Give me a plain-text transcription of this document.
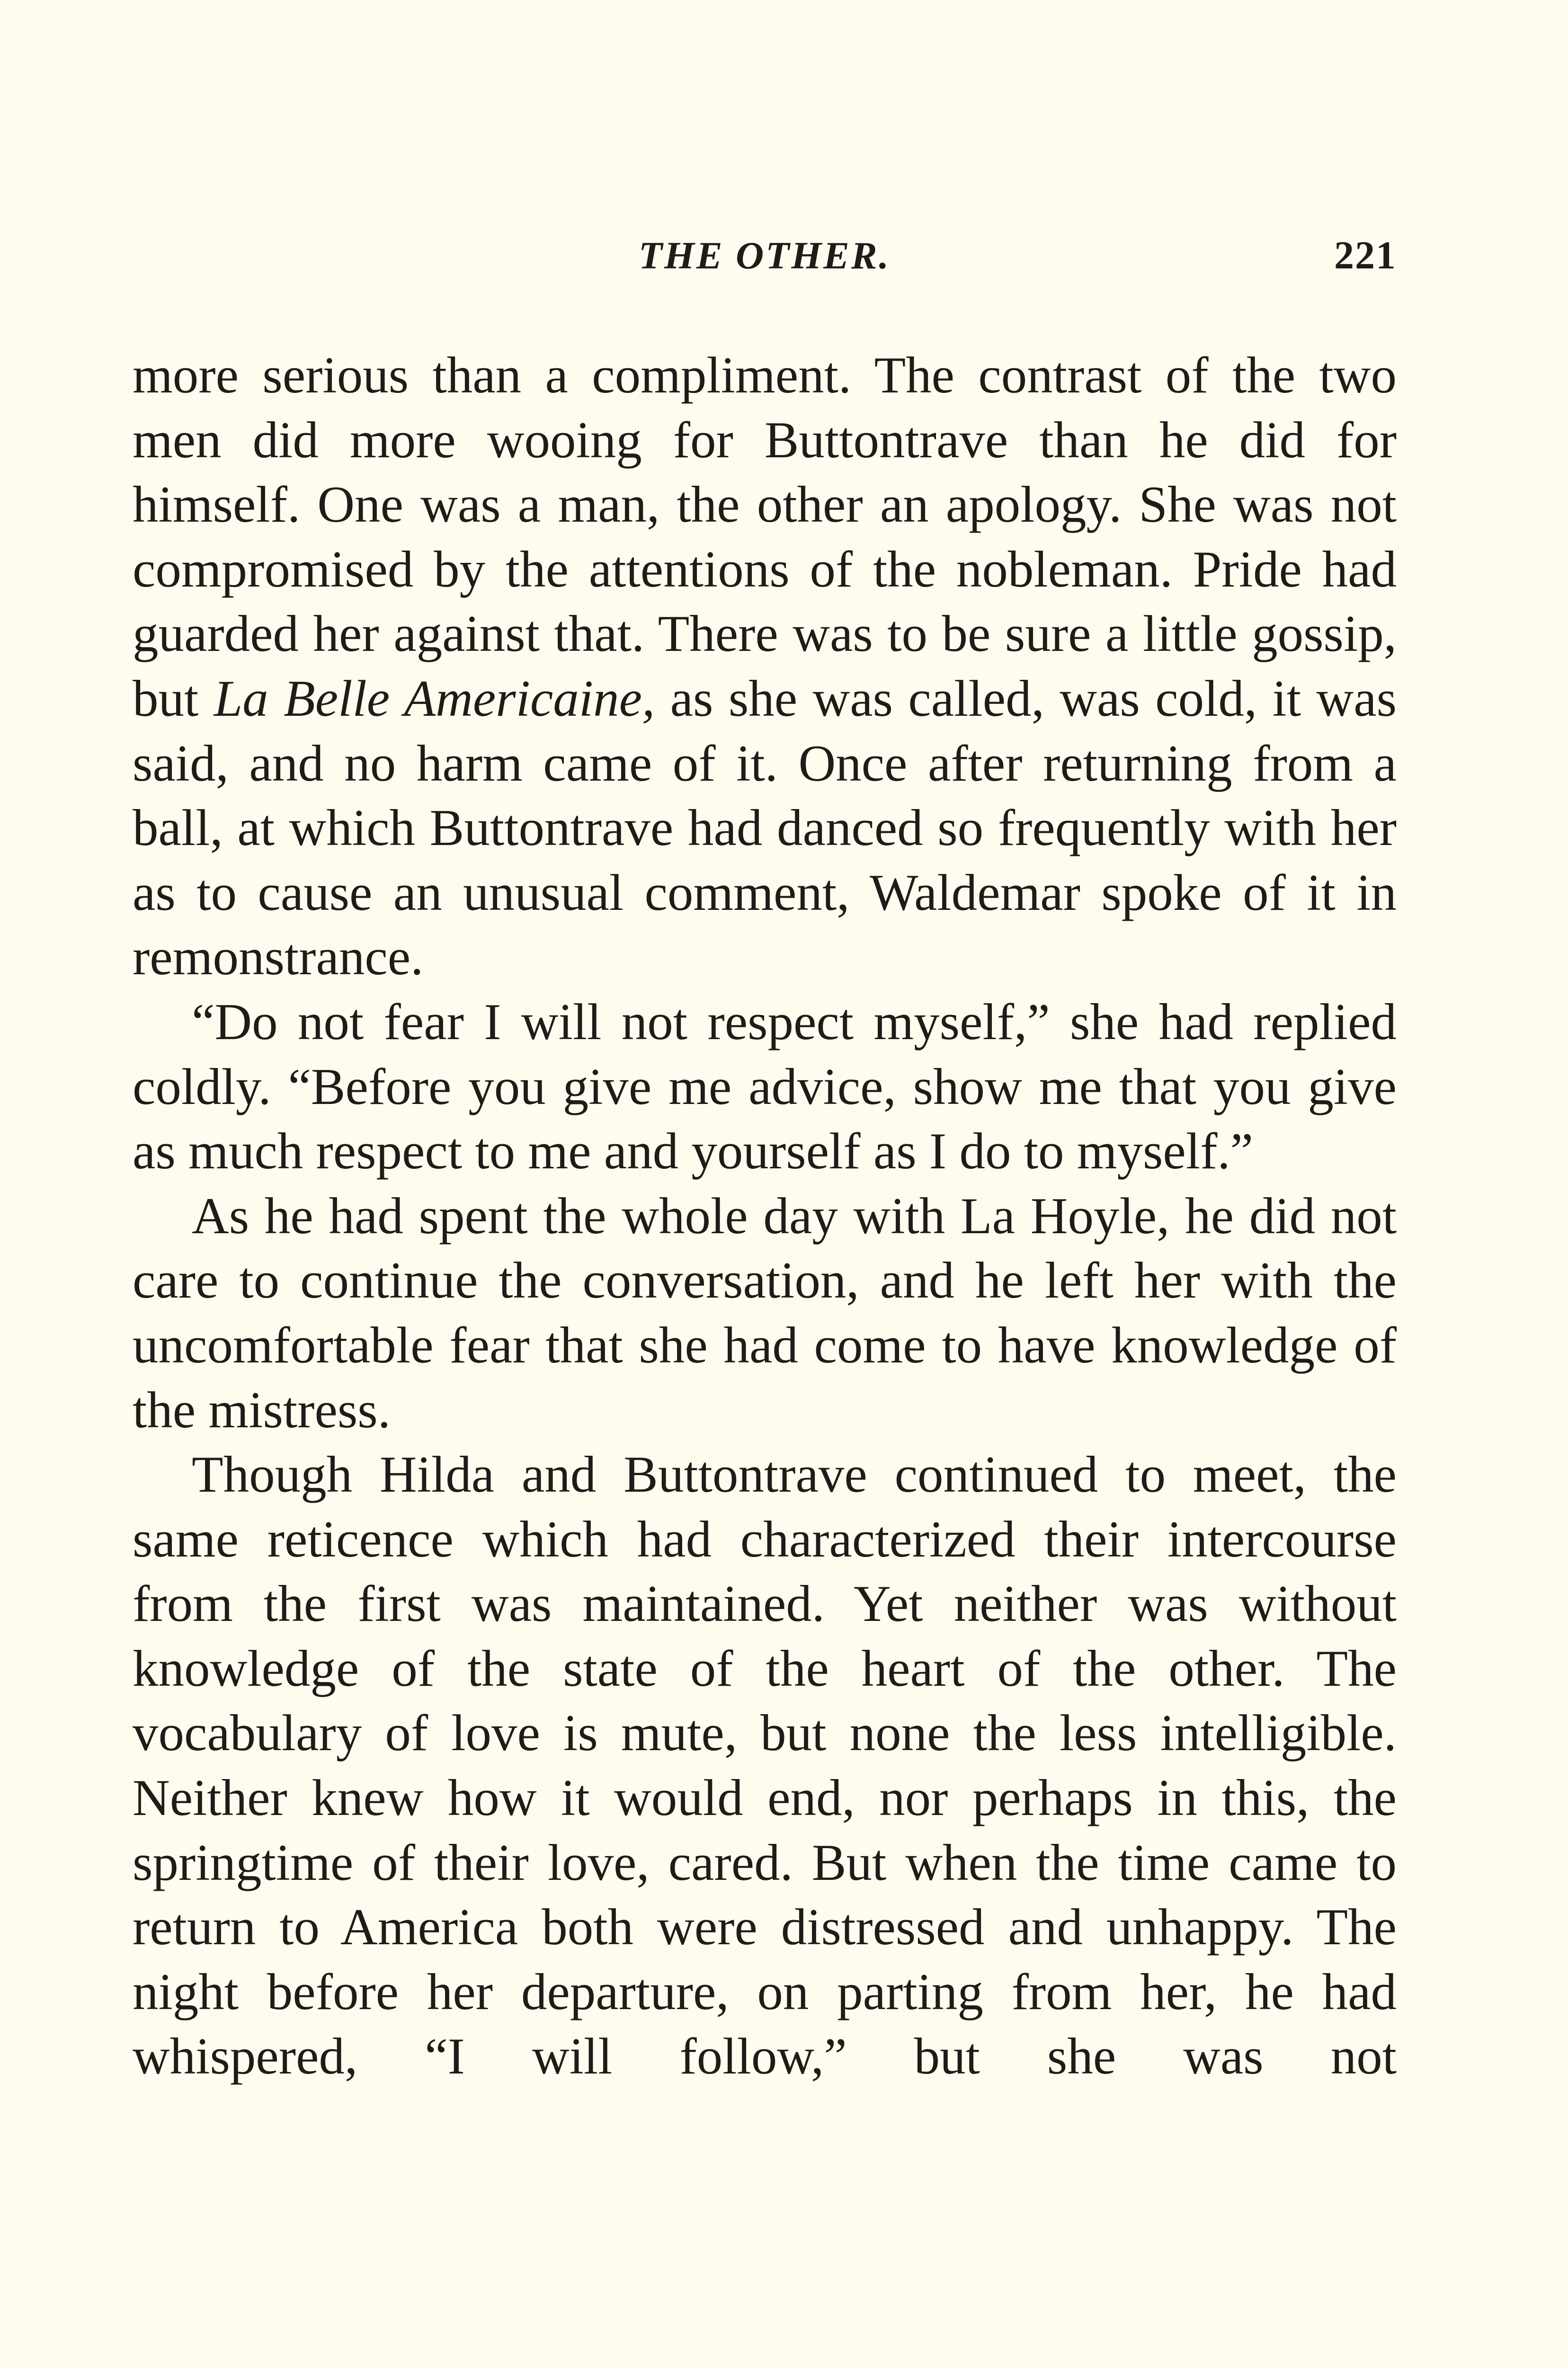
THE OTHER.	221

more serious than a compliment. The contrast of the two men did more wooing for Buttontrave than he did for himself. One was a man, the other an apology. She was not compromised by the attentions of the nobleman. Pride had guarded her against that. There was to be sure a little gossip, but La Belle Americaine, as she was called, was cold, it was said, and no harm came of it. Once after returning from a ball, at which Buttontrave had danced so frequently with her as to cause an unusual comment, Waldemar spoke of it in remonstrance.

“Do not fear I will not respect myself,” she had replied coldly. “Before you give me advice, show me that you give as much respect to me and yourself as I do to myself.”

As he had spent the whole day with La Hoyle, he did not care to continue the conversation, and he left her with the uncomfortable fear that she had come to have knowledge of the mistress.

Though Hilda and Buttontrave continued to meet, the same reticence which had characterized their intercourse from the first was maintained. Yet neither was without knowledge of the state of the heart of the other. The vocabulary of love is mute, but none the less intelligible. Neither knew how it would end, nor perhaps in this, the springtime of their love, cared. But when the time came to return to America both were distressed and unhappy. The night before her departure, on parting from her, he had whispered, “I will follow,” but she was not
